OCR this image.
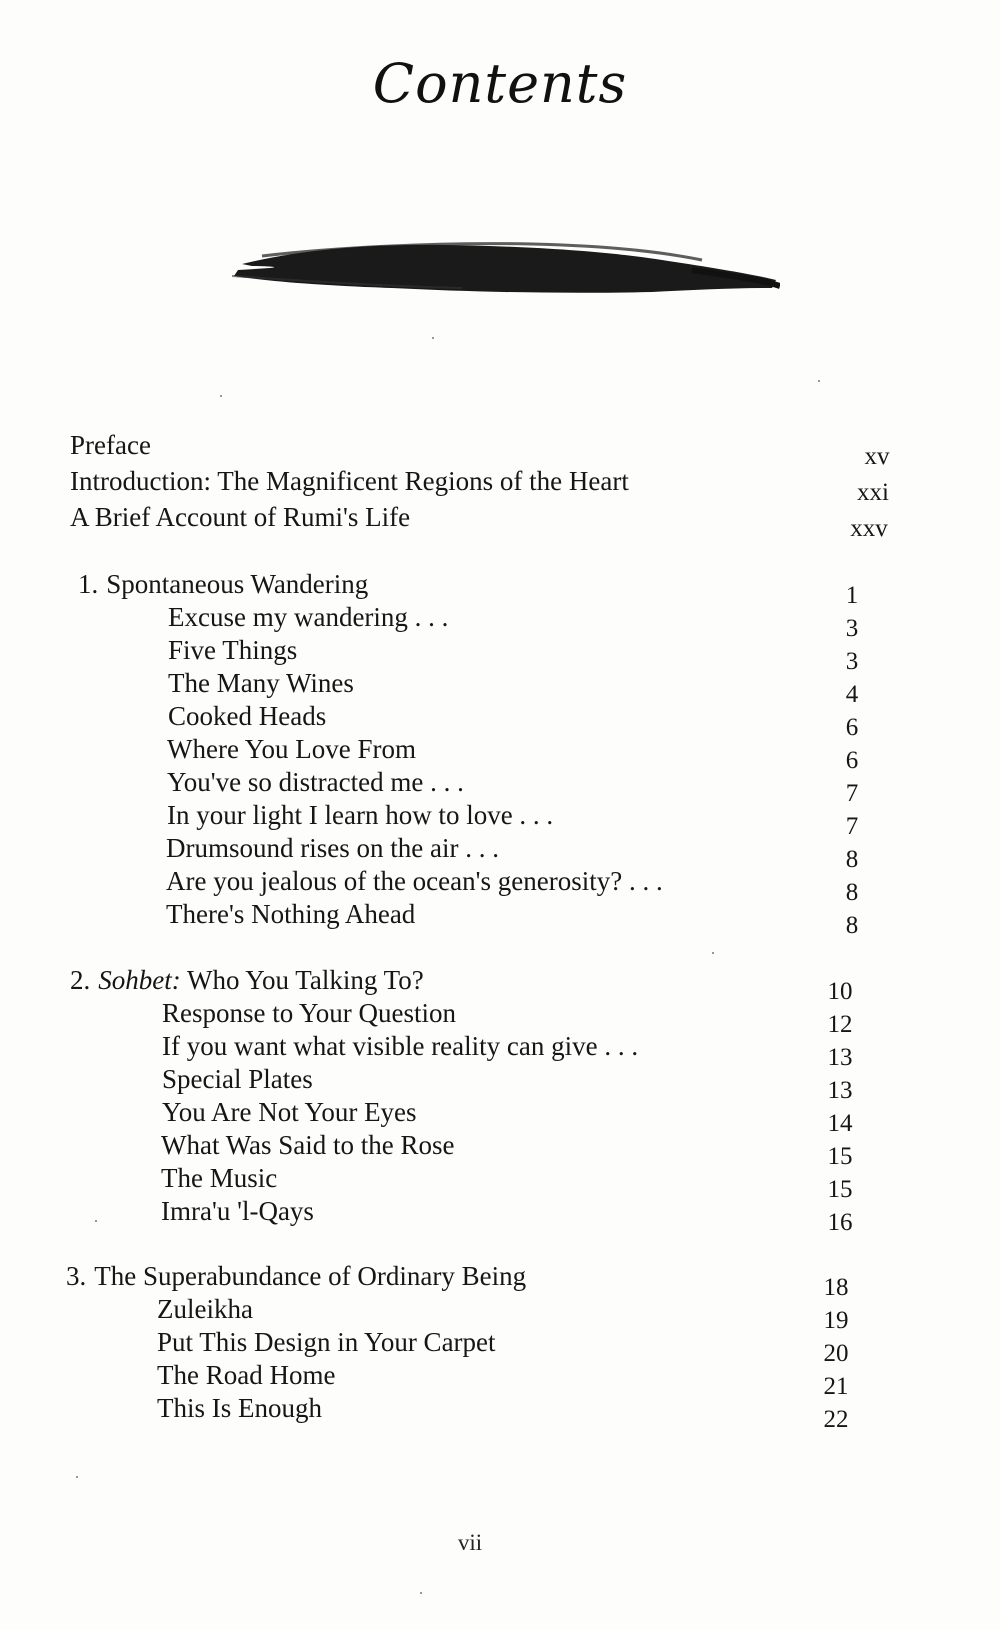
Contents
Preface	xv
Introduction: The Magnificent Regions of the Heart	xxi
A Brief Account of Rumi's Life	xxv
1. Spontaneous Wandering	1
Excuse my wandering . . .	3
Five Things	3
The Many Wines	4
Cooked Heads	6
Where You Love From	6
You've so distracted me . . .	7
In your light I learn how to love . . .	7
Drumsound rises on the air . . .	8
Are you jealous of the ocean's generosity? . . .	8
There's Nothing Ahead	8
2. Sohbet: Who You Talking To?	10
Response to Your Question	12
If you want what visible reality can give . . .	13
Special Plates	13
You Are Not Your Eyes	14
What Was Said to the Rose	15
The Music	15
Imra'u 'l-Qays	16
3. The Superabundance of Ordinary Being	18
Zuleikha	19
Put This Design in Your Carpet	20
The Road Home	21
This Is Enough	22
vii
